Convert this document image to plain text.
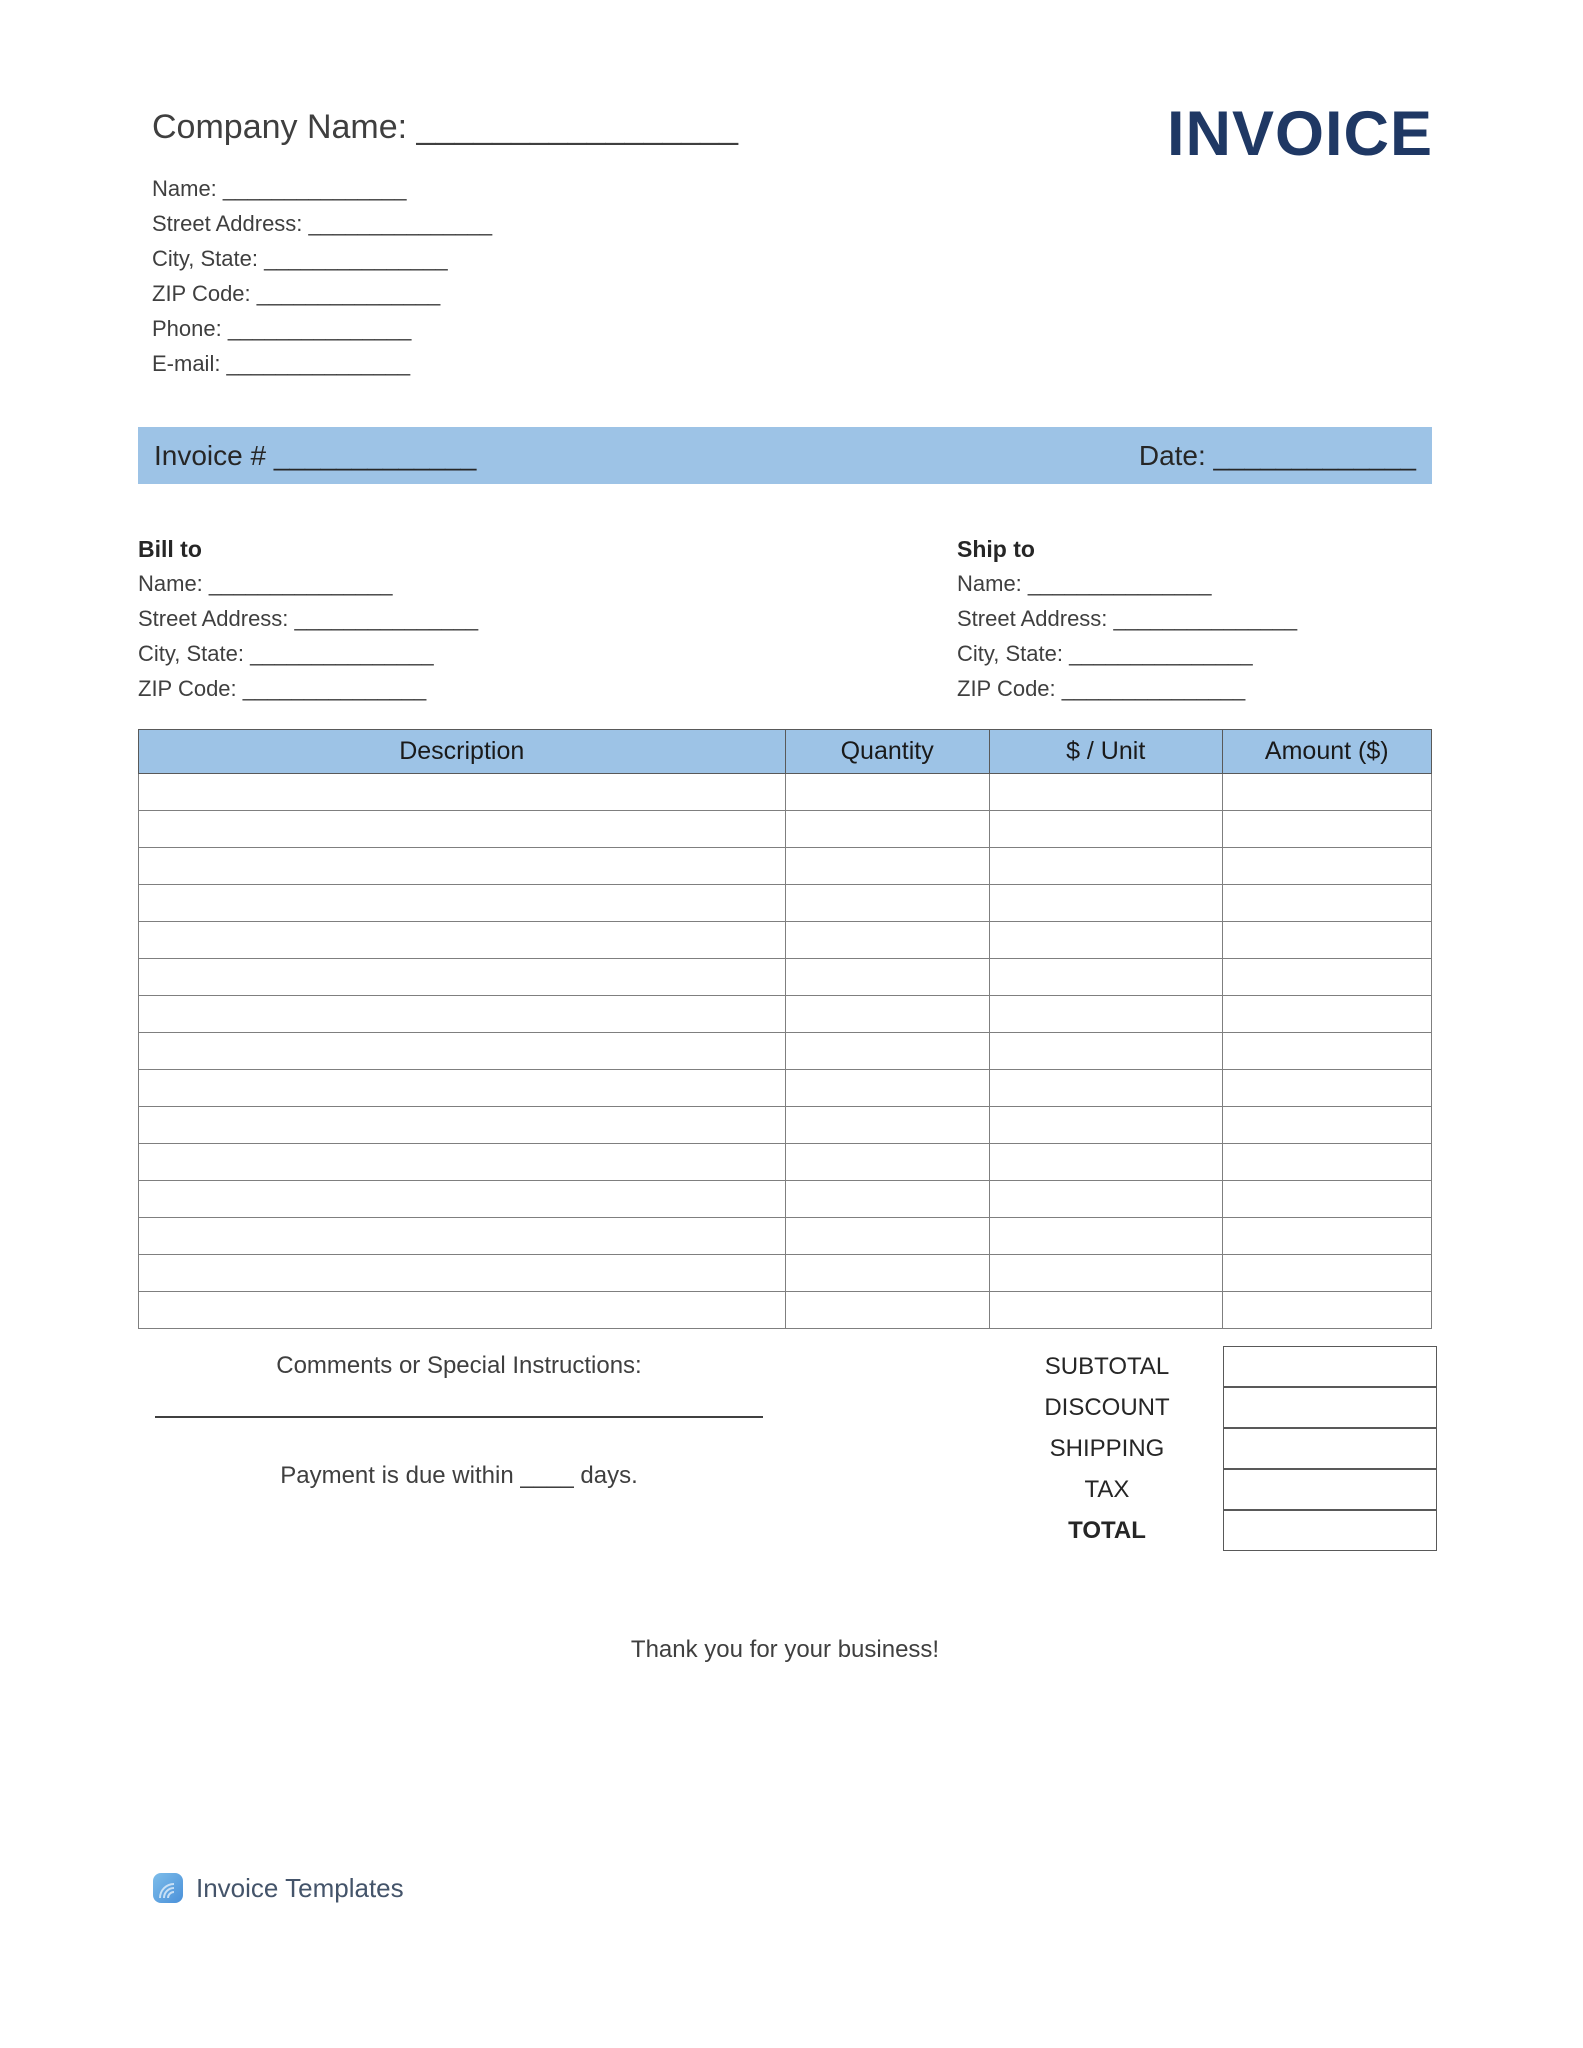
Company Name: _________________
Name: _______________
Street Address: _______________
City, State: _______________
ZIP Code: _______________
Phone: _______________
E-mail: _______________
INVOICE
Invoice # _____________	Date: _____________
Bill to
Name: _______________
Street Address: _______________
City, State: _______________
ZIP Code: _______________
Ship to
Name: _______________
Street Address: _______________
City, State: _______________
ZIP Code: _______________
Description	Quantity	$ / Unit	Amount ($)

Comments or Special Instructions:
Payment is due within ____ days.
SUBTOTAL
DISCOUNT
SHIPPING
TAX
TOTAL
Thank you for your business!
Invoice Templates
